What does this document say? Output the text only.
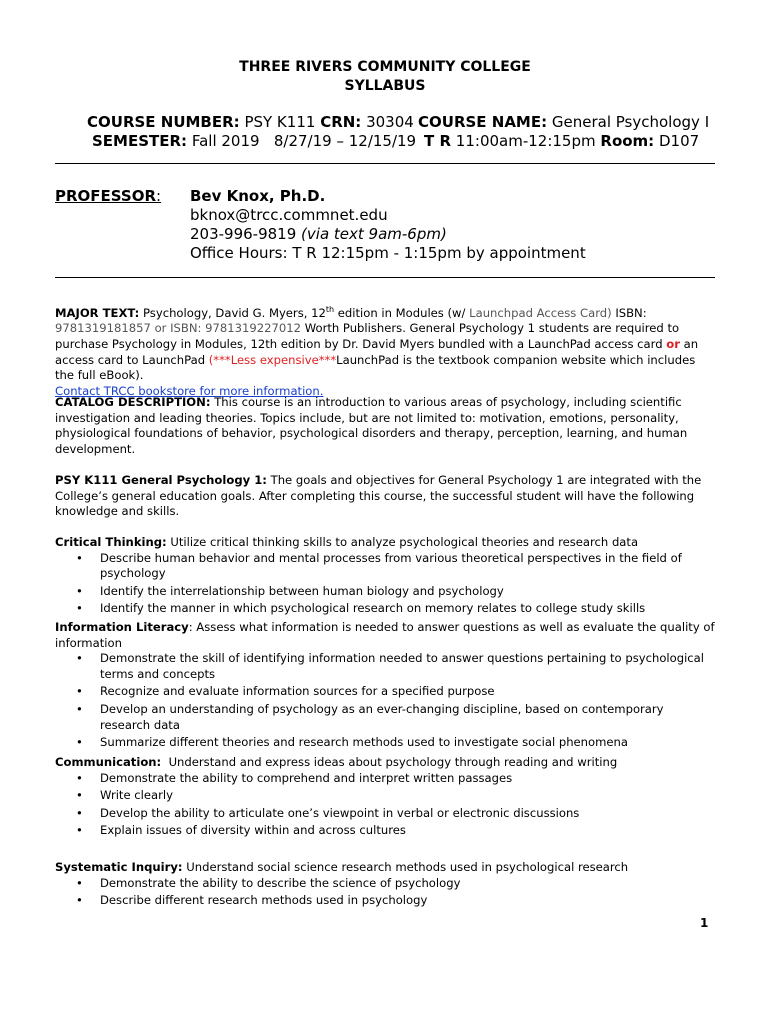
THREE RIVERS COMMUNITY COLLEGE
SYLLABUS
COURSE NUMBER: PSY K111 CRN: 30304
SEMESTER: Fall 2019   8/27/19 – 12/15/19
COURSE NAME: General Psychology I
T R 11:00am-12:15pm Room: D107
PROFESSOR: Bev Knox, Ph.D.
bknox@trcc.commnet.edu
203-996-9819 (via text 9am-6pm)
Office Hours: T R 12:15pm - 1:15pm by appointment
MAJOR TEXT: Psychology, David G. Myers, 12th edition in Modules (w/ Launchpad Access Card) ISBN: 9781319181857 or ISBN: 9781319227012 Worth Publishers. General Psychology 1 students are required to purchase Psychology in Modules, 12th edition by Dr. David Myers bundled with a LaunchPad access card or an access card to LaunchPad (***Less expensive***LaunchPad is the textbook companion website which includes the full eBook).
Contact TRCC bookstore for more information.
CATALOG DESCRIPTION: This course is an introduction to various areas of psychology, including scientific investigation and leading theories. Topics include, but are not limited to: motivation, emotions, personality, physiological foundations of behavior, psychological disorders and therapy, perception, learning, and human development.
PSY K111 General Psychology 1: The goals and objectives for General Psychology 1 are integrated with the College’s general education goals. After completing this course, the successful student will have the following knowledge and skills.

Critical Thinking: Utilize critical thinking skills to analyze psychological theories and research data

• Describe human behavior and mental processes from various theoretical perspectives in the field of psychology
• Identify the interrelationship between human biology and psychology
• Identify the manner in which psychological research on memory relates to college study skills

Information Literacy: Assess what information is needed to answer questions as well as evaluate the quality of information

• Demonstrate the skill of identifying information needed to answer questions pertaining to psychological terms and concepts
• Recognize and evaluate information sources for a specified purpose
• Develop an understanding of psychology as an ever-changing discipline, based on contemporary research data
• Summarize different theories and research methods used to investigate social phenomena

Communication: Understand and express ideas about psychology through reading and writing

• Demonstrate the ability to comprehend and interpret written passages
• Write clearly
• Develop the ability to articulate one’s viewpoint in verbal or electronic discussions
• Explain issues of diversity within and across cultures

Systematic Inquiry: Understand social science research methods used in psychological research

• Demonstrate the ability to describe the science of psychology
• Describe different research methods used in psychology
1
